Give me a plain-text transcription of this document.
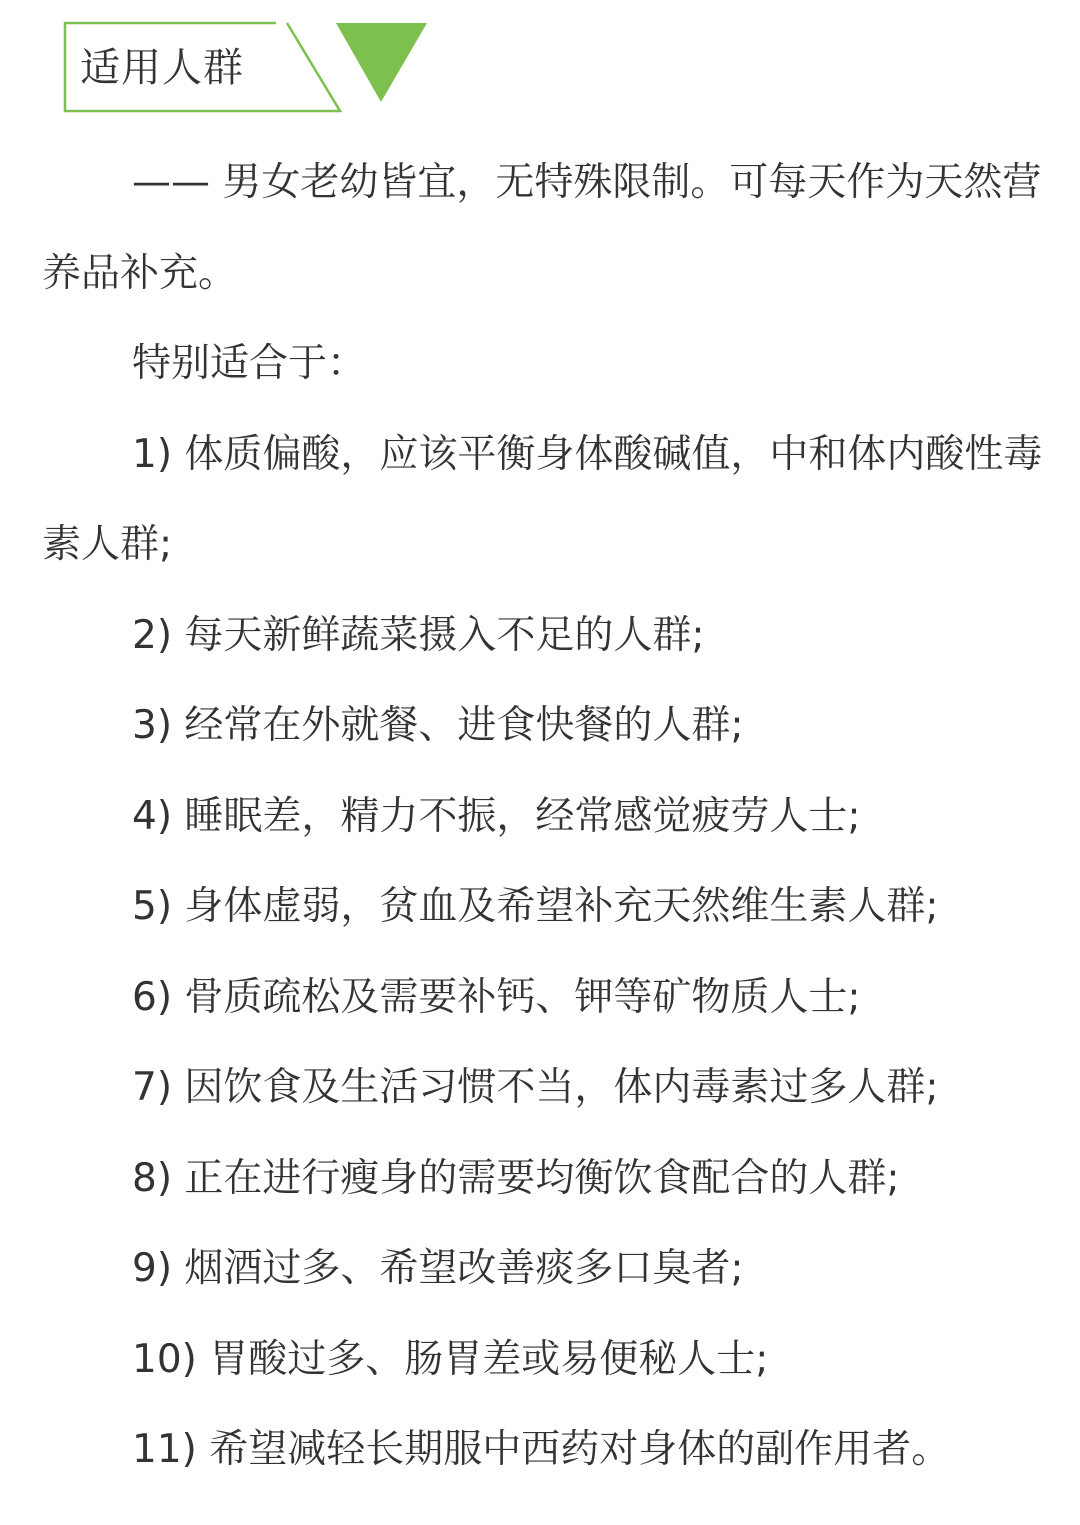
适用人群

—— 男女老幼皆宜，无特殊限制。可每天作为天然营养品补充。

特别适合于：

1) 体质偏酸，应该平衡身体酸碱值，中和体内酸性毒素人群;

2) 每天新鲜蔬菜摄入不足的人群;

3) 经常在外就餐、进食快餐的人群;

4) 睡眠差，精力不振，经常感觉疲劳人士;

5) 身体虚弱，贫血及希望补充天然维生素人群;

6) 骨质疏松及需要补钙、钾等矿物质人士;

7) 因饮食及生活习惯不当，体内毒素过多人群;

8) 正在进行瘦身的需要均衡饮食配合的人群;

9) 烟酒过多、希望改善痰多口臭者;

10) 胃酸过多、肠胃差或易便秘人士;

11) 希望减轻长期服中西药对身体的副作用者。
